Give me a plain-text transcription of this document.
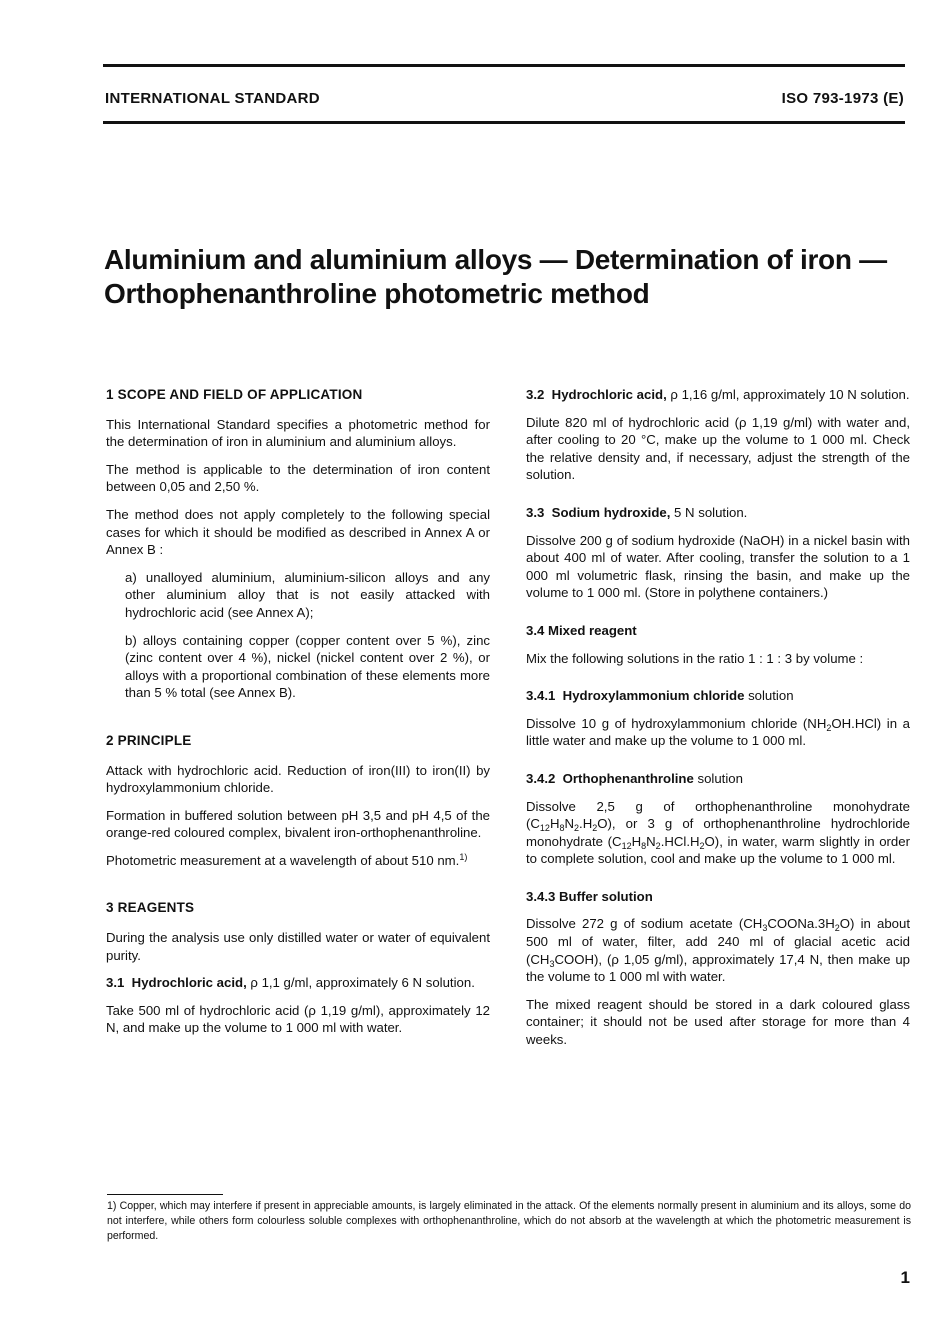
INTERNATIONAL STANDARD	ISO 793-1973 (E)
Aluminium and aluminium alloys — Determination of iron —
Orthophenanthroline photometric method
1 SCOPE AND FIELD OF APPLICATION

This International Standard specifies a photometric method for the determination of iron in aluminium and aluminium alloys.

The method is applicable to the determination of iron content between 0,05 and 2,50 %.

The method does not apply completely to the following special cases for which it should be modified as described in Annex A or Annex B :

a) unalloyed aluminium, aluminium-silicon alloys and any other aluminium alloy that is not easily attacked with hydrochloric acid (see Annex A);

b) alloys containing copper (copper content over 5 %), zinc (zinc content over 4 %), nickel (nickel content over 2 %), or alloys with a proportional combination of these elements more than 5 % total (see Annex B).

2 PRINCIPLE

Attack with hydrochloric acid. Reduction of iron(III) to iron(II) by hydroxylammonium chloride.

Formation in buffered solution between pH 3,5 and pH 4,5 of the orange-red coloured complex, bivalent iron-orthophenanthroline.

Photometric measurement at a wavelength of about 510 nm.$^{1)}$

3 REAGENTS

During the analysis use only distilled water or water of equivalent purity.

3.1 Hydrochloric acid, ρ 1,1 g/ml, approximately 6 N solution.

Take 500 ml of hydrochloric acid (ρ 1,19 g/ml), approximately 12 N, and make up the volume to 1 000 ml with water.

3.2 Hydrochloric acid, ρ 1,16 g/ml, approximately 10 N solution.

Dilute 820 ml of hydrochloric acid (ρ 1,19 g/ml) with water and, after cooling to 20 °C, make up the volume to 1 000 ml. Check the relative density and, if necessary, adjust the strength of the solution.

3.3 Sodium hydroxide, 5 N solution.

Dissolve 200 g of sodium hydroxide (NaOH) in a nickel basin with about 400 ml of water. After cooling, transfer the solution to a 1 000 ml volumetric flask, rinsing the basin, and make up the volume to 1 000 ml. (Store in polythene containers.)

3.4 Mixed reagent

Mix the following solutions in the ratio 1 : 1 : 3 by volume :

3.4.1 Hydroxylammonium chloride solution

Dissolve 10 g of hydroxylammonium chloride $(NH_2OH.HCl)$ in a little water and make up the volume to 1 000 ml.

3.4.2 Orthophenanthroline solution

Dissolve 2,5 g of orthophenanthroline monohydrate $(C_{12}H_8N_2.H_2O)$, or 3 g of orthophenanthroline hydrochloride monohydrate $(C_{12}H_8N_2.HCl.H_2O)$, in water, warm slightly in order to complete solution, cool and make up the volume to 1 000 ml.

3.4.3 Buffer solution

Dissolve 272 g of sodium acetate $(CH_3COONa.3H_2O)$ in about 500 ml of water, filter, add 240 ml of glacial acetic acid $(CH_3COOH)$, (ρ 1,05 g/ml), approximately 17,4 N, then make up the volume to 1 000 ml with water.

The mixed reagent should be stored in a dark coloured glass container; it should not be used after storage for more than 4 weeks.

1) Copper, which may interfere if present in appreciable amounts, is largely eliminated in the attack. Of the elements normally present in aluminium and its alloys, some do not interfere, while others form colourless soluble complexes with orthophenanthroline, which do not absorb at the wavelength at which the photometric measurement is performed.
1
